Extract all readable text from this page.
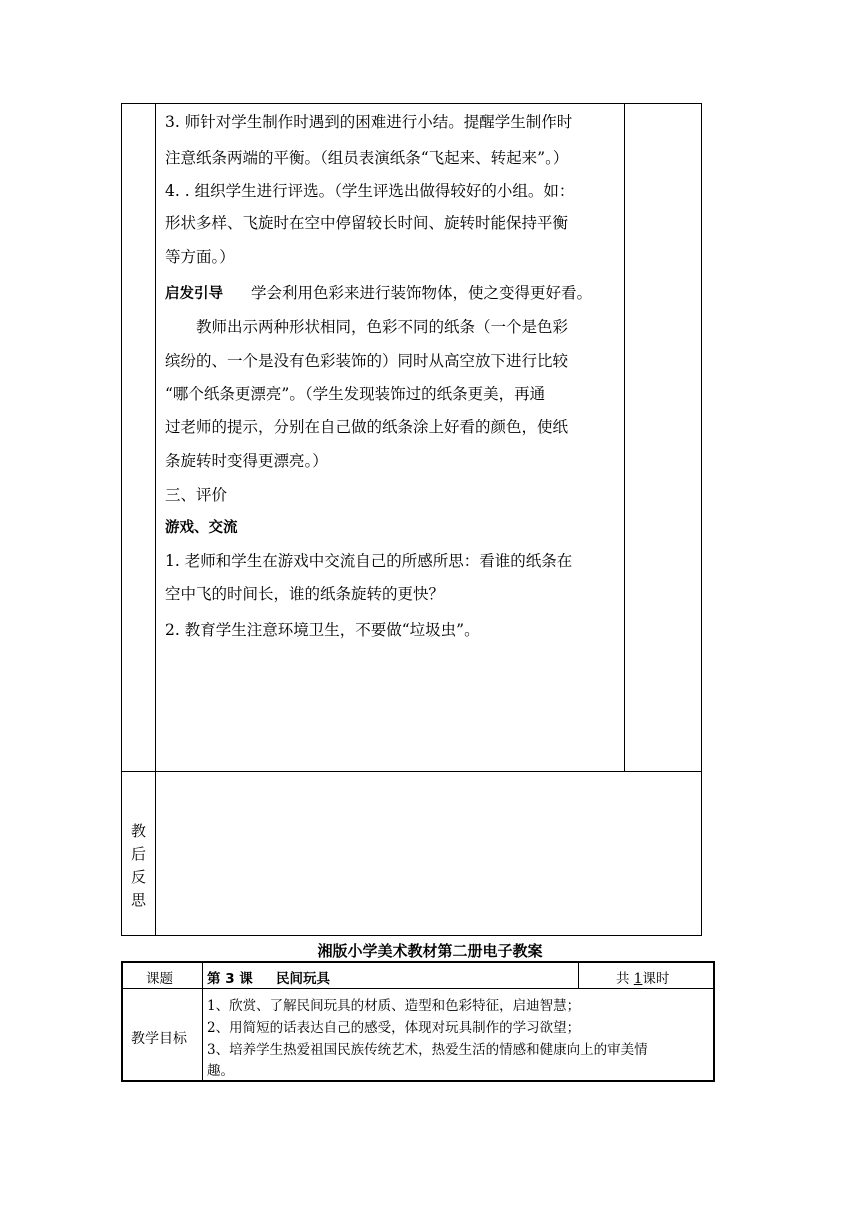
3. 师针对学生制作时遇到的困难进行小结。提醒学生制作时
注意纸条两端的平衡。（组员表演纸条“飞起来、转起来”。）
4. . 组织学生进行评选。（学生评选出做得较好的小组。如：
形状多样、飞旋时在空中停留较长时间、旋转时能保持平衡
等方面。）
启发引导 学会利用色彩来进行装饰物体，使之变得更好看。
教师出示两种形状相同，色彩不同的纸条（一个是色彩
缤纷的、一个是没有色彩装饰的）同时从高空放下进行比较
“哪个纸条更漂亮”。（学生发现装饰过的纸条更美，再通
过老师的提示，分别在自己做的纸条涂上好看的颜色，使纸
条旋转时变得更漂亮。）
三、评价
游戏、交流
1. 老师和学生在游戏中交流自己的所感所思：看谁的纸条在
空中飞的时间长，谁的纸条旋转的更快？
2. 教育学生注意环境卫生，不要做“垃圾虫”。
教
后
反
思
湘版小学美术教材第二册电子教案
课题	第 3 课 民间玩具	共 1课时
教学目标
1、欣赏、了解民间玩具的材质、造型和色彩特征，启迪智慧；
2、用简短的话表达自己的感受，体现对玩具制作的学习欲望；
3、培养学生热爱祖国民族传统艺术，热爱生活的情感和健康向上的审美情
趣。
